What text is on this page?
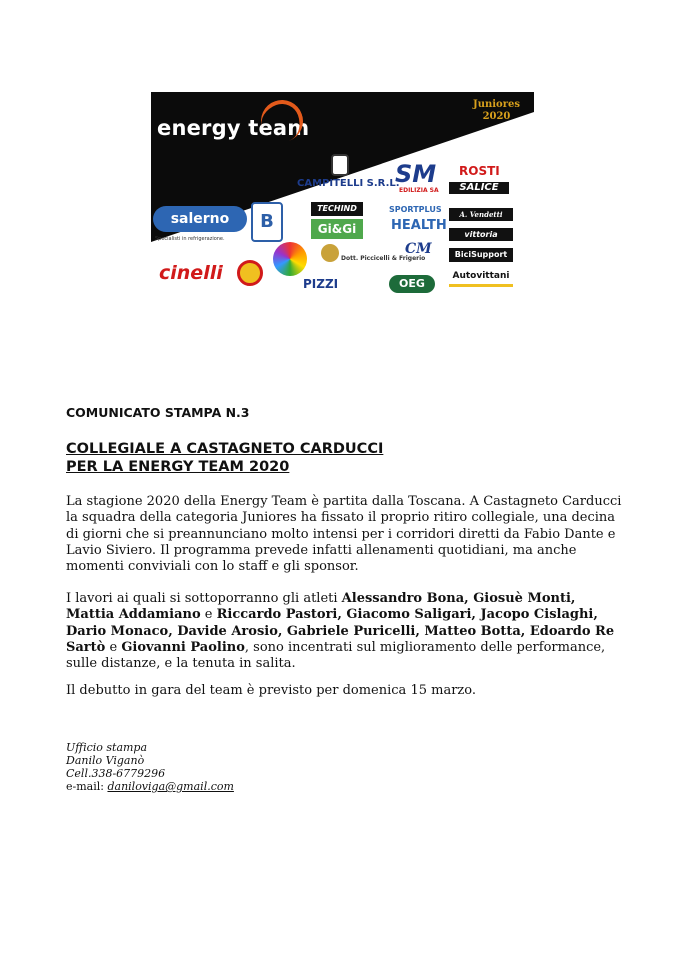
energy team
Juniores
2020
CAMPITELLI S.R.L.
salerno
Specialisti in refrigerazione.
B
TECHIND
Gi&Gi
cinelli
Dott. Piccicelli & Frigerio
PIZZI
SM
EDILIZIA SA
SPORTPLUS
HEALTH
CM
OEG
ROSTI
SALICE
A. Vendetti
vittoria
BiciSupport
Autovittani
COMUNICATO STAMPA N.3
COLLEGIALE A CASTAGNETO CARDUCCI
PER LA ENERGY TEAM 2020
La stagione 2020 della Energy Team è partita dalla Toscana. A Castagneto Carducci la squadra della categoria Juniores ha fissato il proprio ritiro collegiale, una decina di giorni che si preannunciano molto intensi per i corridori diretti da Fabio Dante e Lavio Siviero. Il programma prevede infatti allenamenti quotidiani, ma anche momenti conviviali con lo staff e gli sponsor.
I lavori ai quali si sottoporranno gli atleti Alessandro Bona, Giosuè Monti, Mattia Addamiano e Riccardo Pastori, Giacomo Saligari, Jacopo Cislaghi, Dario Monaco, Davide Arosio, Gabriele Puricelli, Matteo Botta, Edoardo Re Sartò e Giovanni Paolino, sono incentrati sul miglioramento delle performance, sulle distanze, e la tenuta in salita.
Il debutto in gara del team è previsto per domenica 15 marzo.
Ufficio stampa
Danilo Viganò
Cell.338-6779296
e-mail: daniloviga@gmail.com
